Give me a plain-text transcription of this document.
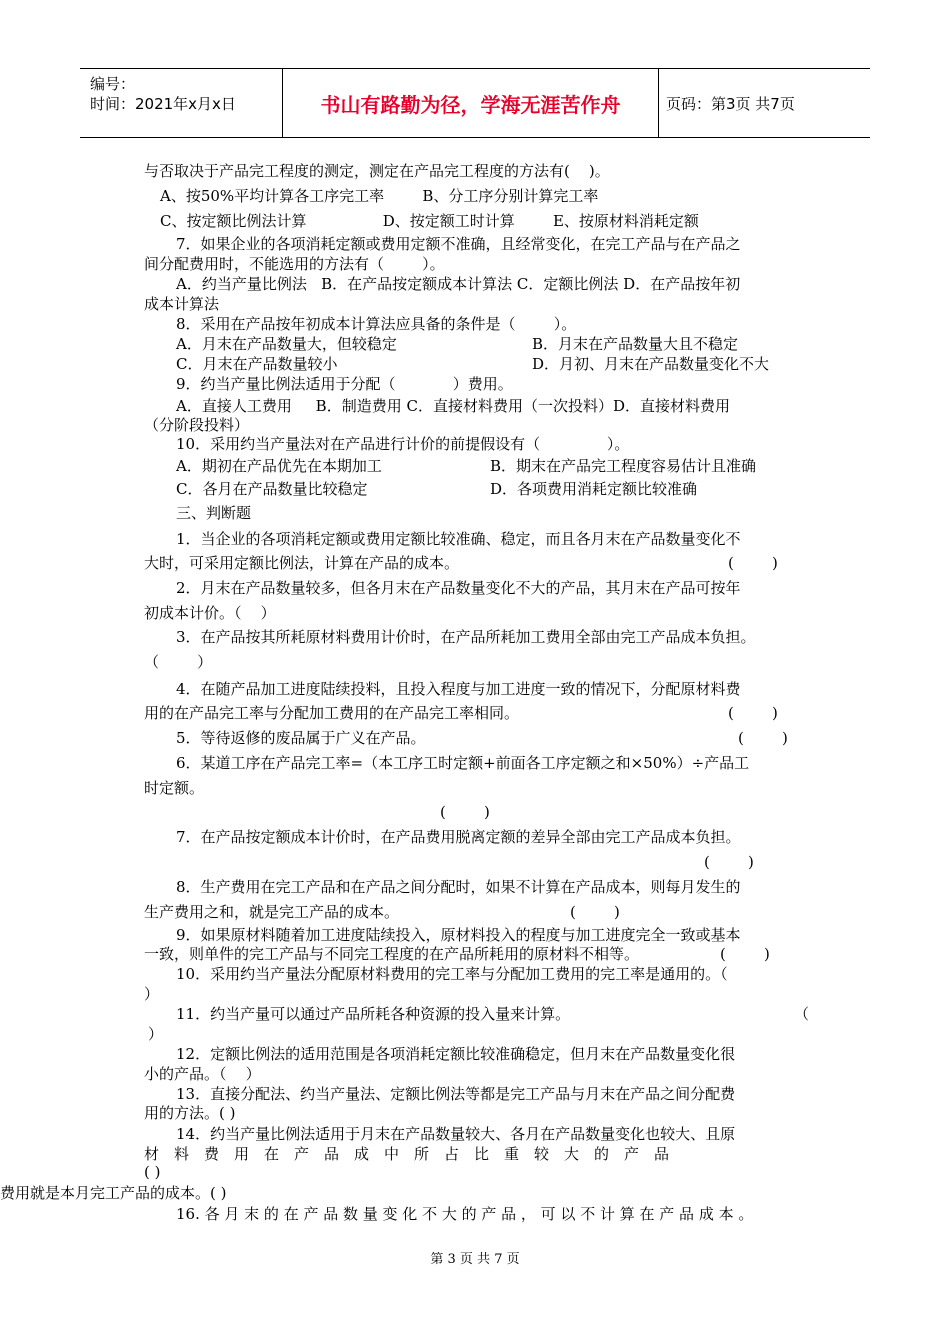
编号：
时间：2021年x月x日	书山有路勤为径，学海无涯苦作舟	页码：第3页 共7页
与否取决于产品完工程度的测定，测定在产品完工程度的方法有(    )。
A、按50%平均计算各工序完工率        B、分工序分别计算完工率
C、按定额比例法计算                D、按定额工时计算        E、按原材料消耗定额
7．如果企业的各项消耗定额或费用定额不准确，且经常变化，在完工产品与在产品之
间分配费用时，不能选用的方法有（        ）。
A．约当产量比例法   B．在产品按定额成本计算法 C．定额比例法 D．在产品按年初
成本计算法
8．采用在产品按年初成本计算法应具备的条件是（        ）。
A．月末在产品数量大，但较稳定	B．月末在产品数量大且不稳定
C．月末在产品数量较小	D．月初、月末在产品数量变化不大
9．约当产量比例法适用于分配（            ）费用。
A．直接人工费用     B．制造费用 C．直接材料费用（一次投料）D．直接材料费用
（分阶段投料）
10．采用约当产量法对在产品进行计价的前提假设有（              ）。
A．期初在产品优先在本期加工	B．期末在产品完工程度容易估计且准确
C．各月在产品数量比较稳定	D．各项费用消耗定额比较准确
三、判断题
1．当企业的各项消耗定额或费用定额比较准确、稳定，而且各月末在产品数量变化不
大时，可采用定额比例法，计算在产品的成本。	(        )
2．月末在产品数量较多，但各月末在产品数量变化不大的产品，其月末在产品可按年
初成本计价。（    ）
3．在产品按其所耗原材料费用计价时，在产品所耗加工费用全部由完工产品成本负担。
（        ）
4．在随产品加工进度陆续投料，且投入程度与加工进度一致的情况下，分配原材料费
用的在产品完工率与分配加工费用的在产品完工率相同。	(        )
5．等待返修的废品属于广义在产品。	(        )
6．某道工序在产品完工率=（本工序工时定额+前面各工序定额之和×50%）÷产品工
时定额。
(        )
7．在产品按定额成本计价时，在产品费用脱离定额的差异全部由完工产品成本负担。
(        )
8．生产费用在完工产品和在产品之间分配时，如果不计算在产品成本，则每月发生的
生产费用之和，就是完工产品的成本。	(        )
9．如果原材料随着加工进度陆续投入，原材料投入的程度与加工进度完全一致或基本
一致，则单件的完工产品与不同完工程度的在产品所耗用的原材料不相等。	(        )
10．采用约当产量法分配原材料费用的完工率与分配加工费用的完工率是通用的。（
）
11．约当产量可以通过产品所耗各种资源的投入量来计算。	（
）
12．定额比例法的适用范围是各项消耗定额比较准确稳定，但月末在产品数量变化很
小的产品。（    ）
13．直接分配法、约当产量法、定额比例法等都是完工产品与月末在产品之间分配费
用的方法。( )
14．约当产量比例法适用于月末在产品数量较大、各月在产品数量变化也较大、且原
材　料　费　用　在　产　品　成　中　所　占　比　重　较　大　的　产　品
( )
费用就是本月完工产品的成本。( )
16. 各 月 末 的 在 产 品 数 量 变 化 不 大 的 产 品 ， 可 以 不 计 算 在 产 品 成 本 。
第 3 页 共 7 页
